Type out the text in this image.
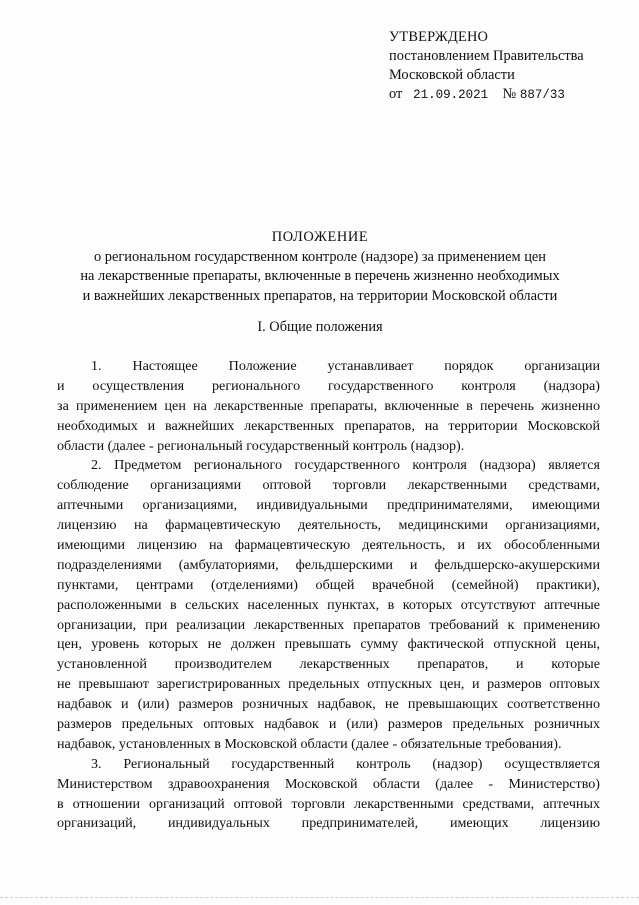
УТВЕРЖДЕНО
постановлением Правительства
Московской области
от 21.09.2021 № 887/33
ПОЛОЖЕНИЕ
о региональном государственном контроле (надзоре) за применением цен
на лекарственные препараты, включенные в перечень жизненно необходимых
и важнейших лекарственных препаратов, на территории Московской области
I. Общие положения
1. Настоящее Положение устанавливает порядок организации
и осуществления регионального государственного контроля (надзора)
за применением цен на лекарственные препараты, включенные в перечень жизненно
необходимых и важнейших лекарственных препаратов, на территории Московской
области (далее - региональный государственный контроль (надзор).
2. Предметом регионального государственного контроля (надзора) является
соблюдение организациями оптовой торговли лекарственными средствами,
аптечными организациями, индивидуальными предпринимателями, имеющими
лицензию на фармацевтическую деятельность, медицинскими организациями,
имеющими лицензию на фармацевтическую деятельность, и их обособленными
подразделениями (амбулаториями, фельдшерскими и фельдшерско-акушерскими
пунктами, центрами (отделениями) общей врачебной (семейной) практики),
расположенными в сельских населенных пунктах, в которых отсутствуют аптечные
организации, при реализации лекарственных препаратов требований к применению
цен, уровень которых не должен превышать сумму фактической отпускной цены,
установленной производителем лекарственных препаратов, и которые
не превышают зарегистрированных предельных отпускных цен, и размеров оптовых
надбавок и (или) размеров розничных надбавок, не превышающих соответственно
размеров предельных оптовых надбавок и (или) размеров предельных розничных
надбавок, установленных в Московской области (далее - обязательные требования).
3. Региональный государственный контроль (надзор) осуществляется
Министерством здравоохранения Московской области (далее - Министерство)
в отношении организаций оптовой торговли лекарственными средствами, аптечных
организаций, индивидуальных предпринимателей, имеющих лицензию
